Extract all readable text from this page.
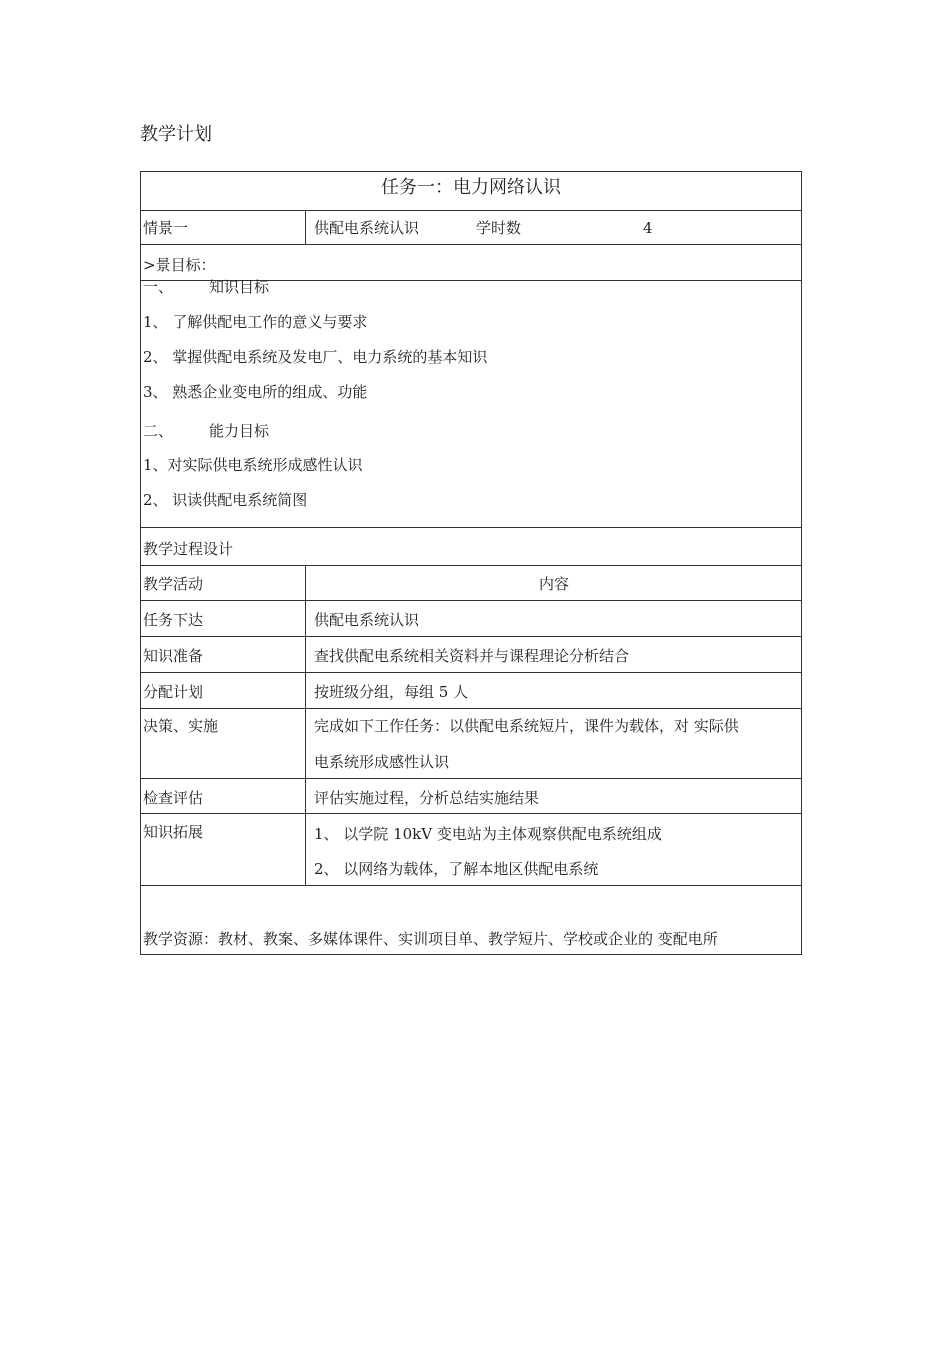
教学计划
任务一：电力网络认识
情景一	供配电系统认识	学时数	4
>景目标：
一、 知识目标
1、 了解供配电工作的意义与要求
2、 掌握供配电系统及发电厂、电力系统的基本知识
3、 熟悉企业变电所的组成、功能
二、 能力目标
1、对实际供电系统形成感性认识
2、 识读供配电系统简图
教学过程设计
教学活动	内容
任务下达	供配电系统认识
知识准备	查找供配电系统相关资料并与课程理论分析结合
分配计划	按班级分组，每组 5 人
决策、实施	完成如下工作任务：以供配电系统短片，课件为载体，对 实际供
电系统形成感性认识
检查评估	评估实施过程，分析总结实施结果
知识拓展	1、 以学院 10kV 变电站为主体观察供配电系统组成
2、 以网络为载体，了解本地区供配电系统
教学资源：教材、教案、多媒体课件、实训项目单、教学短片、学校或企业的 变配电所
